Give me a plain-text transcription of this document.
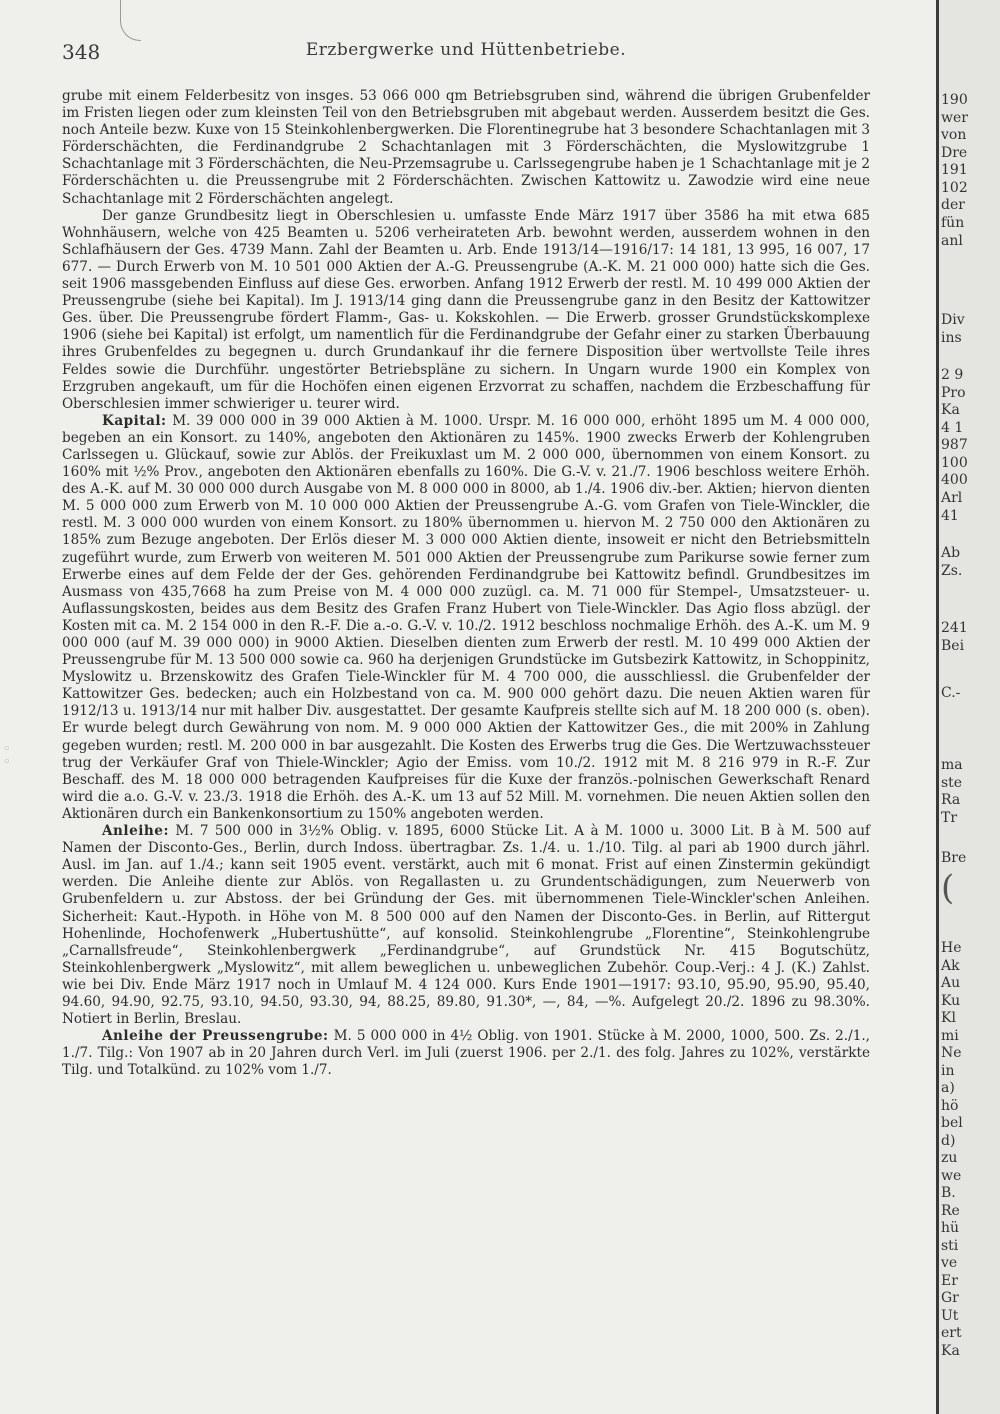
348	Erzbergwerke und Hüttenbetriebe.
◦ ◦

grube mit einem Felderbesitz von insges. 53 066 000 qm Betriebsgruben sind, während die übrigen Grubenfelder im Fristen liegen oder zum kleinsten Teil von den Betriebsgruben mit abgebaut werden. Ausserdem besitzt die Ges. noch Anteile bezw. Kuxe von 15 Steinkohlenbergwerken. Die Florentinegrube hat 3 besondere Schachtanlagen mit 3 Förderschächten, die Ferdinandgrube 2 Schachtanlagen mit 3 Förderschächten, die Myslowitzgrube 1 Schachtanlage mit 3 Förderschächten, die Neu-Przemsagrube u. Carlssegengrube haben je 1 Schachtanlage mit je 2 Förderschächten u. die Preussengrube mit 2 Förderschächten. Zwischen Kattowitz u. Zawodzie wird eine neue Schachtanlage mit 2 Förderschächten angelegt.

Der ganze Grundbesitz liegt in Oberschlesien u. umfasste Ende März 1917 über 3586 ha mit etwa 685 Wohnhäusern, welche von 425 Beamten u. 5206 verheirateten Arb. bewohnt werden, ausserdem wohnen in den Schlafhäusern der Ges. 4739 Mann. Zahl der Beamten u. Arb. Ende 1913/14—1916/17: 14 181, 13 995, 16 007, 17 677. — Durch Erwerb von M. 10 501 000 Aktien der A.-G. Preussengrube (A.-K. M. 21 000 000) hatte sich die Ges. seit 1906 massgebenden Einfluss auf diese Ges. erworben. Anfang 1912 Erwerb der restl. M. 10 499 000 Aktien der Preussengrube (siehe bei Kapital). Im J. 1913/14 ging dann die Preussengrube ganz in den Besitz der Kattowitzer Ges. über. Die Preussengrube fördert Flamm-, Gas- u. Kokskohlen. — Die Erwerb. grosser Grundstückskomplexe 1906 (siehe bei Kapital) ist erfolgt, um namentlich für die Ferdinandgrube der Gefahr einer zu starken Überbauung ihres Grubenfeldes zu begegnen u. durch Grundankauf ihr die fernere Disposition über wertvollste Teile ihres Feldes sowie die Durchführ. ungestörter Betriebspläne zu sichern. In Ungarn wurde 1900 ein Komplex von Erzgruben angekauft, um für die Hochöfen einen eigenen Erzvorrat zu schaffen, nachdem die Erzbeschaffung für Oberschlesien immer schwieriger u. teurer wird.

Kapital: M. 39 000 000 in 39 000 Aktien à M. 1000. Urspr. M. 16 000 000, erhöht 1895 um M. 4 000 000, begeben an ein Konsort. zu 140%, angeboten den Aktionären zu 145%. 1900 zwecks Erwerb der Kohlengruben Carlssegen u. Glückauf, sowie zur Ablös. der Freikuxlast um M. 2 000 000, übernommen von einem Konsort. zu 160% mit ½% Prov., angeboten den Aktionären ebenfalls zu 160%. Die G.-V. v. 21./7. 1906 beschloss weitere Erhöh. des A.-K. auf M. 30 000 000 durch Ausgabe von M. 8 000 000 in 8000, ab 1./4. 1906 div.-ber. Aktien; hiervon dienten M. 5 000 000 zum Erwerb von M. 10 000 000 Aktien der Preussengrube A.-G. vom Grafen von Tiele-Winckler, die restl. M. 3 000 000 wurden von einem Konsort. zu 180% übernommen u. hiervon M. 2 750 000 den Aktionären zu 185% zum Bezuge angeboten. Der Erlös dieser M. 3 000 000 Aktien diente, insoweit er nicht den Betriebsmitteln zugeführt wurde, zum Erwerb von weiteren M. 501 000 Aktien der Preussengrube zum Parikurse sowie ferner zum Erwerbe eines auf dem Felde der der Ges. gehörenden Ferdinandgrube bei Kattowitz befindl. Grundbesitzes im Ausmass von 435,7668 ha zum Preise von M. 4 000 000 zuzügl. ca. M. 71 000 für Stempel-, Umsatzsteuer- u. Auflassungskosten, beides aus dem Besitz des Grafen Franz Hubert von Tiele-Winckler. Das Agio floss abzügl. der Kosten mit ca. M. 2 154 000 in den R.-F. Die a.-o. G.-V. v. 10./2. 1912 beschloss nochmalige Erhöh. des A.-K. um M. 9 000 000 (auf M. 39 000 000) in 9000 Aktien. Dieselben dienten zum Erwerb der restl. M. 10 499 000 Aktien der Preussengrube für M. 13 500 000 sowie ca. 960 ha derjenigen Grundstücke im Gutsbezirk Kattowitz, in Schoppinitz, Myslowitz u. Brzenskowitz des Grafen Tiele-Winckler für M. 4 700 000, die ausschliessl. die Grubenfelder der Kattowitzer Ges. bedecken; auch ein Holzbestand von ca. M. 900 000 gehört dazu. Die neuen Aktien waren für 1912/13 u. 1913/14 nur mit halber Div. ausgestattet. Der gesamte Kaufpreis stellte sich auf M. 18 200 000 (s. oben). Er wurde belegt durch Gewährung von nom. M. 9 000 000 Aktien der Kattowitzer Ges., die mit 200% in Zahlung gegeben wurden; restl. M. 200 000 in bar ausgezahlt. Die Kosten des Erwerbs trug die Ges. Die Wertzuwachssteuer trug der Verkäufer Graf von Thiele-Winckler; Agio der Emiss. vom 10./2. 1912 mit M. 8 216 979 in R.-F. Zur Beschaff. des M. 18 000 000 betragenden Kaufpreises für die Kuxe der französ.-polnischen Gewerkschaft Renard wird die a.o. G.-V. v. 23./3. 1918 die Erhöh. des A.-K. um 13 auf 52 Mill. M. vornehmen. Die neuen Aktien sollen den Aktionären durch ein Bankenkonsortium zu 150% angeboten werden.

Anleihe: M. 7 500 000 in 3½% Oblig. v. 1895, 6000 Stücke Lit. A à M. 1000 u. 3000 Lit. B à M. 500 auf Namen der Disconto-Ges., Berlin, durch Indoss. übertragbar. Zs. 1./4. u. 1./10. Tilg. al pari ab 1900 durch jährl. Ausl. im Jan. auf 1./4.; kann seit 1905 event. verstärkt, auch mit 6 monat. Frist auf einen Zinstermin gekündigt werden. Die Anleihe diente zur Ablös. von Regallasten u. zu Grundentschädigungen, zum Neuerwerb von Grubenfeldern u. zur Abstoss. der bei Gründung der Ges. mit übernommenen Tiele-Winckler'schen Anleihen. Sicherheit: Kaut.-Hypoth. in Höhe von M. 8 500 000 auf den Namen der Disconto-Ges. in Berlin, auf Rittergut Hohenlinde, Hochofenwerk „Hubertushütte“, auf konsolid. Steinkohlengrube „Florentine“, Steinkohlengrube „Carnallsfreude“, Steinkohlenbergwerk „Ferdinandgrube“, auf Grundstück Nr. 415 Bogutschütz, Steinkohlenbergwerk „Myslowitz“, mit allem beweglichen u. unbeweglichen Zubehör. Coup.-Verj.: 4 J. (K.) Zahlst. wie bei Div. Ende März 1917 noch in Umlauf M. 4 124 000. Kurs Ende 1901—1917: 93.10, 95.90, 95.90, 95.40, 94.60, 94.90, 92.75, 93.10, 94.50, 93.30, 94, 88.25, 89.80, 91.30*, —, 84, —%. Aufgelegt 20./2. 1896 zu 98.30%. Notiert in Berlin, Breslau.

Anleihe der Preussengrube: M. 5 000 000 in 4½ Oblig. von 1901. Stücke à M. 2000, 1000, 500. Zs. 2./1., 1./7. Tilg.: Von 1907 ab in 20 Jahren durch Verl. im Juli (zuerst 1906. per 2./1. des folg. Jahres zu 102%, verstärkte Tilg. und Totalkünd. zu 102% vom 1./7.

190
wer
von
Dre
191
102
der
fün
anl
Div
ins
2 9
Pro
Ka
4 1
987
100
400
Arl
41
Ab
Zs.
241
Bei
C.-
ma
ste
Ra
Tr
Bre
(
He
Ak
Au
Ku
Kl
mi
Ne
in
a)
hö
bel
d)
zu
we
B.
Re
hü
sti
ve
Er
Gr
Ut
ert
Ka
